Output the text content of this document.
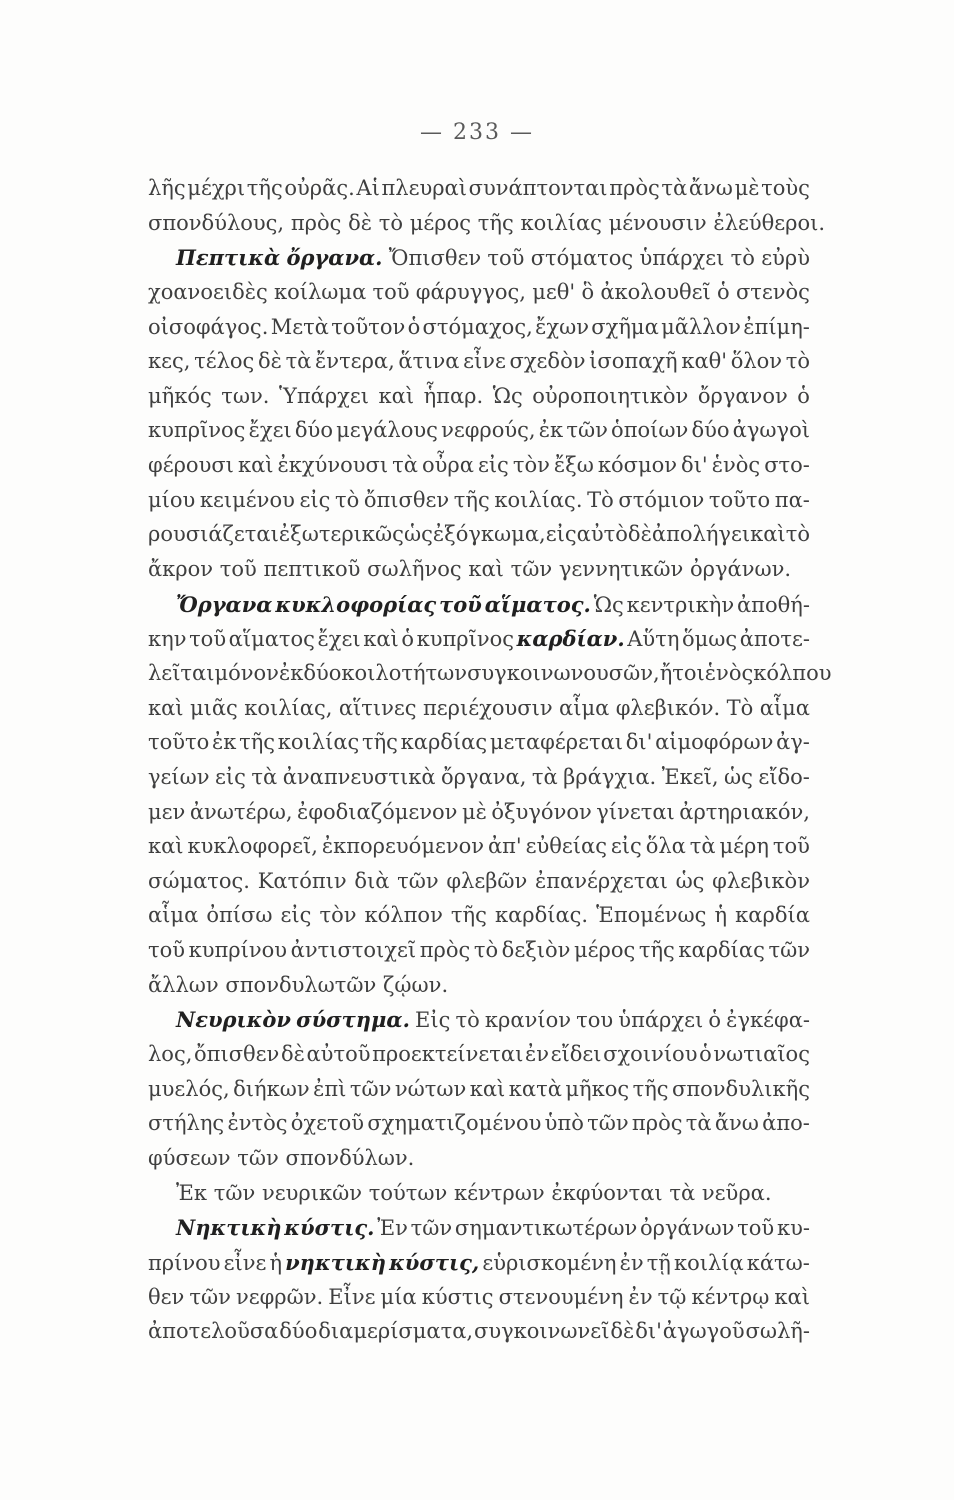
— 233 —
λῆς μέχρι τῆς οὐρᾶς. Αἱ πλευραὶ συνάπτονται πρὸς τὰ ἄνω μὲ τοὺς
σπονδύλους, πρὸς δὲ τὸ μέρος τῆς κοιλίας μένουσιν ἐλεύθεροι.
Πεπτικὰ ὄργανα. Ὄπισθεν τοῦ στόματος ὑπάρχει τὸ εὐρὺ
χοανοειδὲς κοίλωμα τοῦ φάρυγγος, μεθ' ὃ ἀκολουθεῖ ὁ στενὸς
οἰσοφάγος. Μετὰ τοῦτον ὁ στόμαχος, ἔχων σχῆμα μᾶλλον ἐπίμη-
κες, τέλος δὲ τὰ ἔντερα, ἅτινα εἶνε σχεδὸν ἰσοπαχῆ καθ' ὅλον τὸ
μῆκός των. Ὑπάρχει καὶ ἧπαρ. Ὡς οὐροποιητικὸν ὄργανον ὁ
κυπρῖνος ἔχει δύο μεγάλους νεφρούς, ἐκ τῶν ὁποίων δύο ἀγωγοὶ
φέρουσι καὶ ἐκχύνουσι τὰ οὖρα εἰς τὸν ἔξω κόσμον δι' ἑνὸς στο-
μίου κειμένου εἰς τὸ ὄπισθεν τῆς κοιλίας. Τὸ στόμιον τοῦτο πα-
ρουσιάζεται ἐξωτερικῶς ὡς ἐξόγκωμα, εἰς αὐτὸ δὲ ἀπολήγει καὶ τὸ
ἄκρον τοῦ πεπτικοῦ σωλῆνος καὶ τῶν γεννητικῶν ὀργάνων.
Ὄργανα κυκλοφορίας τοῦ αἵματος. Ὡς κεντρικὴν ἀποθή-
κην τοῦ αἵματος ἔχει καὶ ὁ κυπρῖνος καρδίαν. Αὕτη ὅμως ἀποτε-
λεῖται μόνον ἐκ δύο κοιλοτήτων συγκοινωνουσῶν,ἤτοι ἑνὸς κόλπου
καὶ μιᾶς κοιλίας, αἵτινες περιέχουσιν αἷμα φλεβικόν. Τὸ αἷμα
τοῦτο ἐκ τῆς κοιλίας τῆς καρδίας μεταφέρεται δι' αἱμοφόρων ἀγ-
γείων εἰς τὰ ἀναπνευστικὰ ὄργανα, τὰ βράγχια. Ἐκεῖ, ὡς εἴδο-
μεν ἀνωτέρω, ἐφοδιαζόμενον μὲ ὀξυγόνον γίνεται ἀρτηριακόν,
καὶ κυκλοφορεῖ, ἐκπορευόμενον ἀπ' εὐθείας εἰς ὅλα τὰ μέρη τοῦ
σώματος. Κατόπιν διὰ τῶν φλεβῶν ἐπανέρχεται ὡς φλεβικὸν
αἷμα ὀπίσω εἰς τὸν κόλπον τῆς καρδίας. Ἑπομένως ἡ καρδία
τοῦ κυπρίνου ἀντιστοιχεῖ πρὸς τὸ δεξιὸν μέρος τῆς καρδίας τῶν
ἄλλων σπονδυλωτῶν ζῴων.
Νευρικὸν σύστημα. Εἰς τὸ κρανίον του ὑπάρχει ὁ ἐγκέφα-
λος, ὄπισθεν δὲ αὐτοῦ προεκτείνεται ἐν εἴδει σχοινίου ὁ νωτιαῖος
μυελός, διήκων ἐπὶ τῶν νώτων καὶ κατὰ μῆκος τῆς σπονδυλικῆς
στήλης ἐντὸς ὀχετοῦ σχηματιζομένου ὑπὸ τῶν πρὸς τὰ ἄνω ἀπο-
φύσεων τῶν σπονδύλων.
Ἐκ τῶν νευρικῶν τούτων κέντρων ἐκφύονται τὰ νεῦρα.
Νηκτικὴ κύστις. Ἐν τῶν σημαντικωτέρων ὀργάνων τοῦ κυ-
πρίνου εἶνε ἡ νηκτικὴ κύστις, εὑρισκομένη ἐν τῇ κοιλίᾳ κάτω-
θεν τῶν νεφρῶν. Εἶνε μία κύστις στενουμένη ἐν τῷ κέντρῳ καὶ
ἀποτελοῦσα δύο διαμερίσματα, συγκοινωνεῖ δὲ δι' ἀγωγοῦ σωλῆ-
